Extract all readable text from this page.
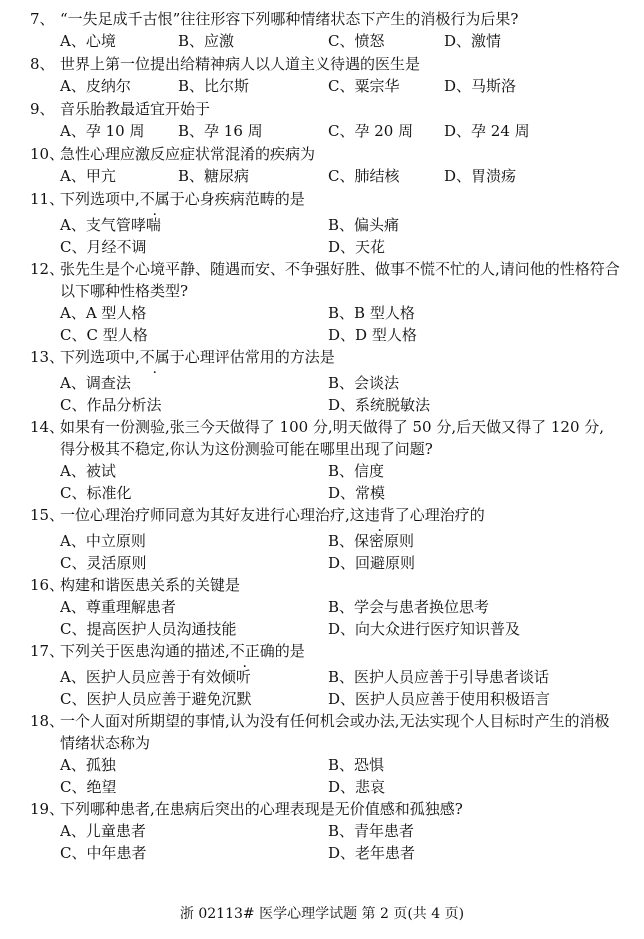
7、 “一失足成千古恨”往往形容下列哪种情绪状态下产生的消极行为后果?
A、心境	B、应激	C、愤怒	D、激情
8、 世界上第一位提出给精神病人以人道主义待遇的医生是
A、皮纳尔	B、比尔斯	C、粟宗华	D、马斯洛
9、 音乐胎教最适宜开始于
A、孕 10 周 B、孕 16 周	C、孕 20 周 D、孕 24 周
10、
急性心理应激反应症状常混淆的疾病为
A、甲亢	B、糖尿病	C、肺结核	D、胃溃疡
11、
下列选项中,不属于心身疾病范畴的是
A、支气管哮喘	B、偏头痛
C、月经不调	D、天花
12、
张先生是个心境平静、随遇而安、不争强好胜、做事不慌不忙的人,请问他的性格符合
以下哪种性格类型?
A、A 型人格	B、B 型人格
C、C 型人格	D、D 型人格
13、
下列选项中,不属于心理评估常用的方法是
A、调查法	B、会谈法
C、作品分析法	D、系统脱敏法
14、
如果有一份测验,张三今天做得了 100 分,明天做得了 50 分,后天做又得了 120 分,
得分极其不稳定,你认为这份测验可能在哪里出现了问题?
A、被试	B、信度
C、标准化	D、常模
15、
一位心理治疗师同意为其好友进行心理治疗,这违背了心理治疗的
A、中立原则	B、保密原则
C、灵活原则	D、回避原则
16、
构建和谐医患关系的关键是
A、尊重理解患者	B、学会与患者换位思考
C、提高医护人员沟通技能	D、向大众进行医疗知识普及
17、
下列关于医患沟通的描述,不正确的是
A、医护人员应善于有效倾听	B、医护人员应善于引导患者谈话
C、医护人员应善于避免沉默	D、医护人员应善于使用积极语言
18、
一个人面对所期望的事情,认为没有任何机会或办法,无法实现个人目标时产生的消极
情绪状态称为
A、孤独	B、恐惧
C、绝望	D、悲哀
19、
下列哪种患者,在患病后突出的心理表现是无价值感和孤独感?
A、儿童患者	B、青年患者
C、中年患者	D、老年患者
浙 02113# 医学心理学试题 第 2 页(共 4 页)
